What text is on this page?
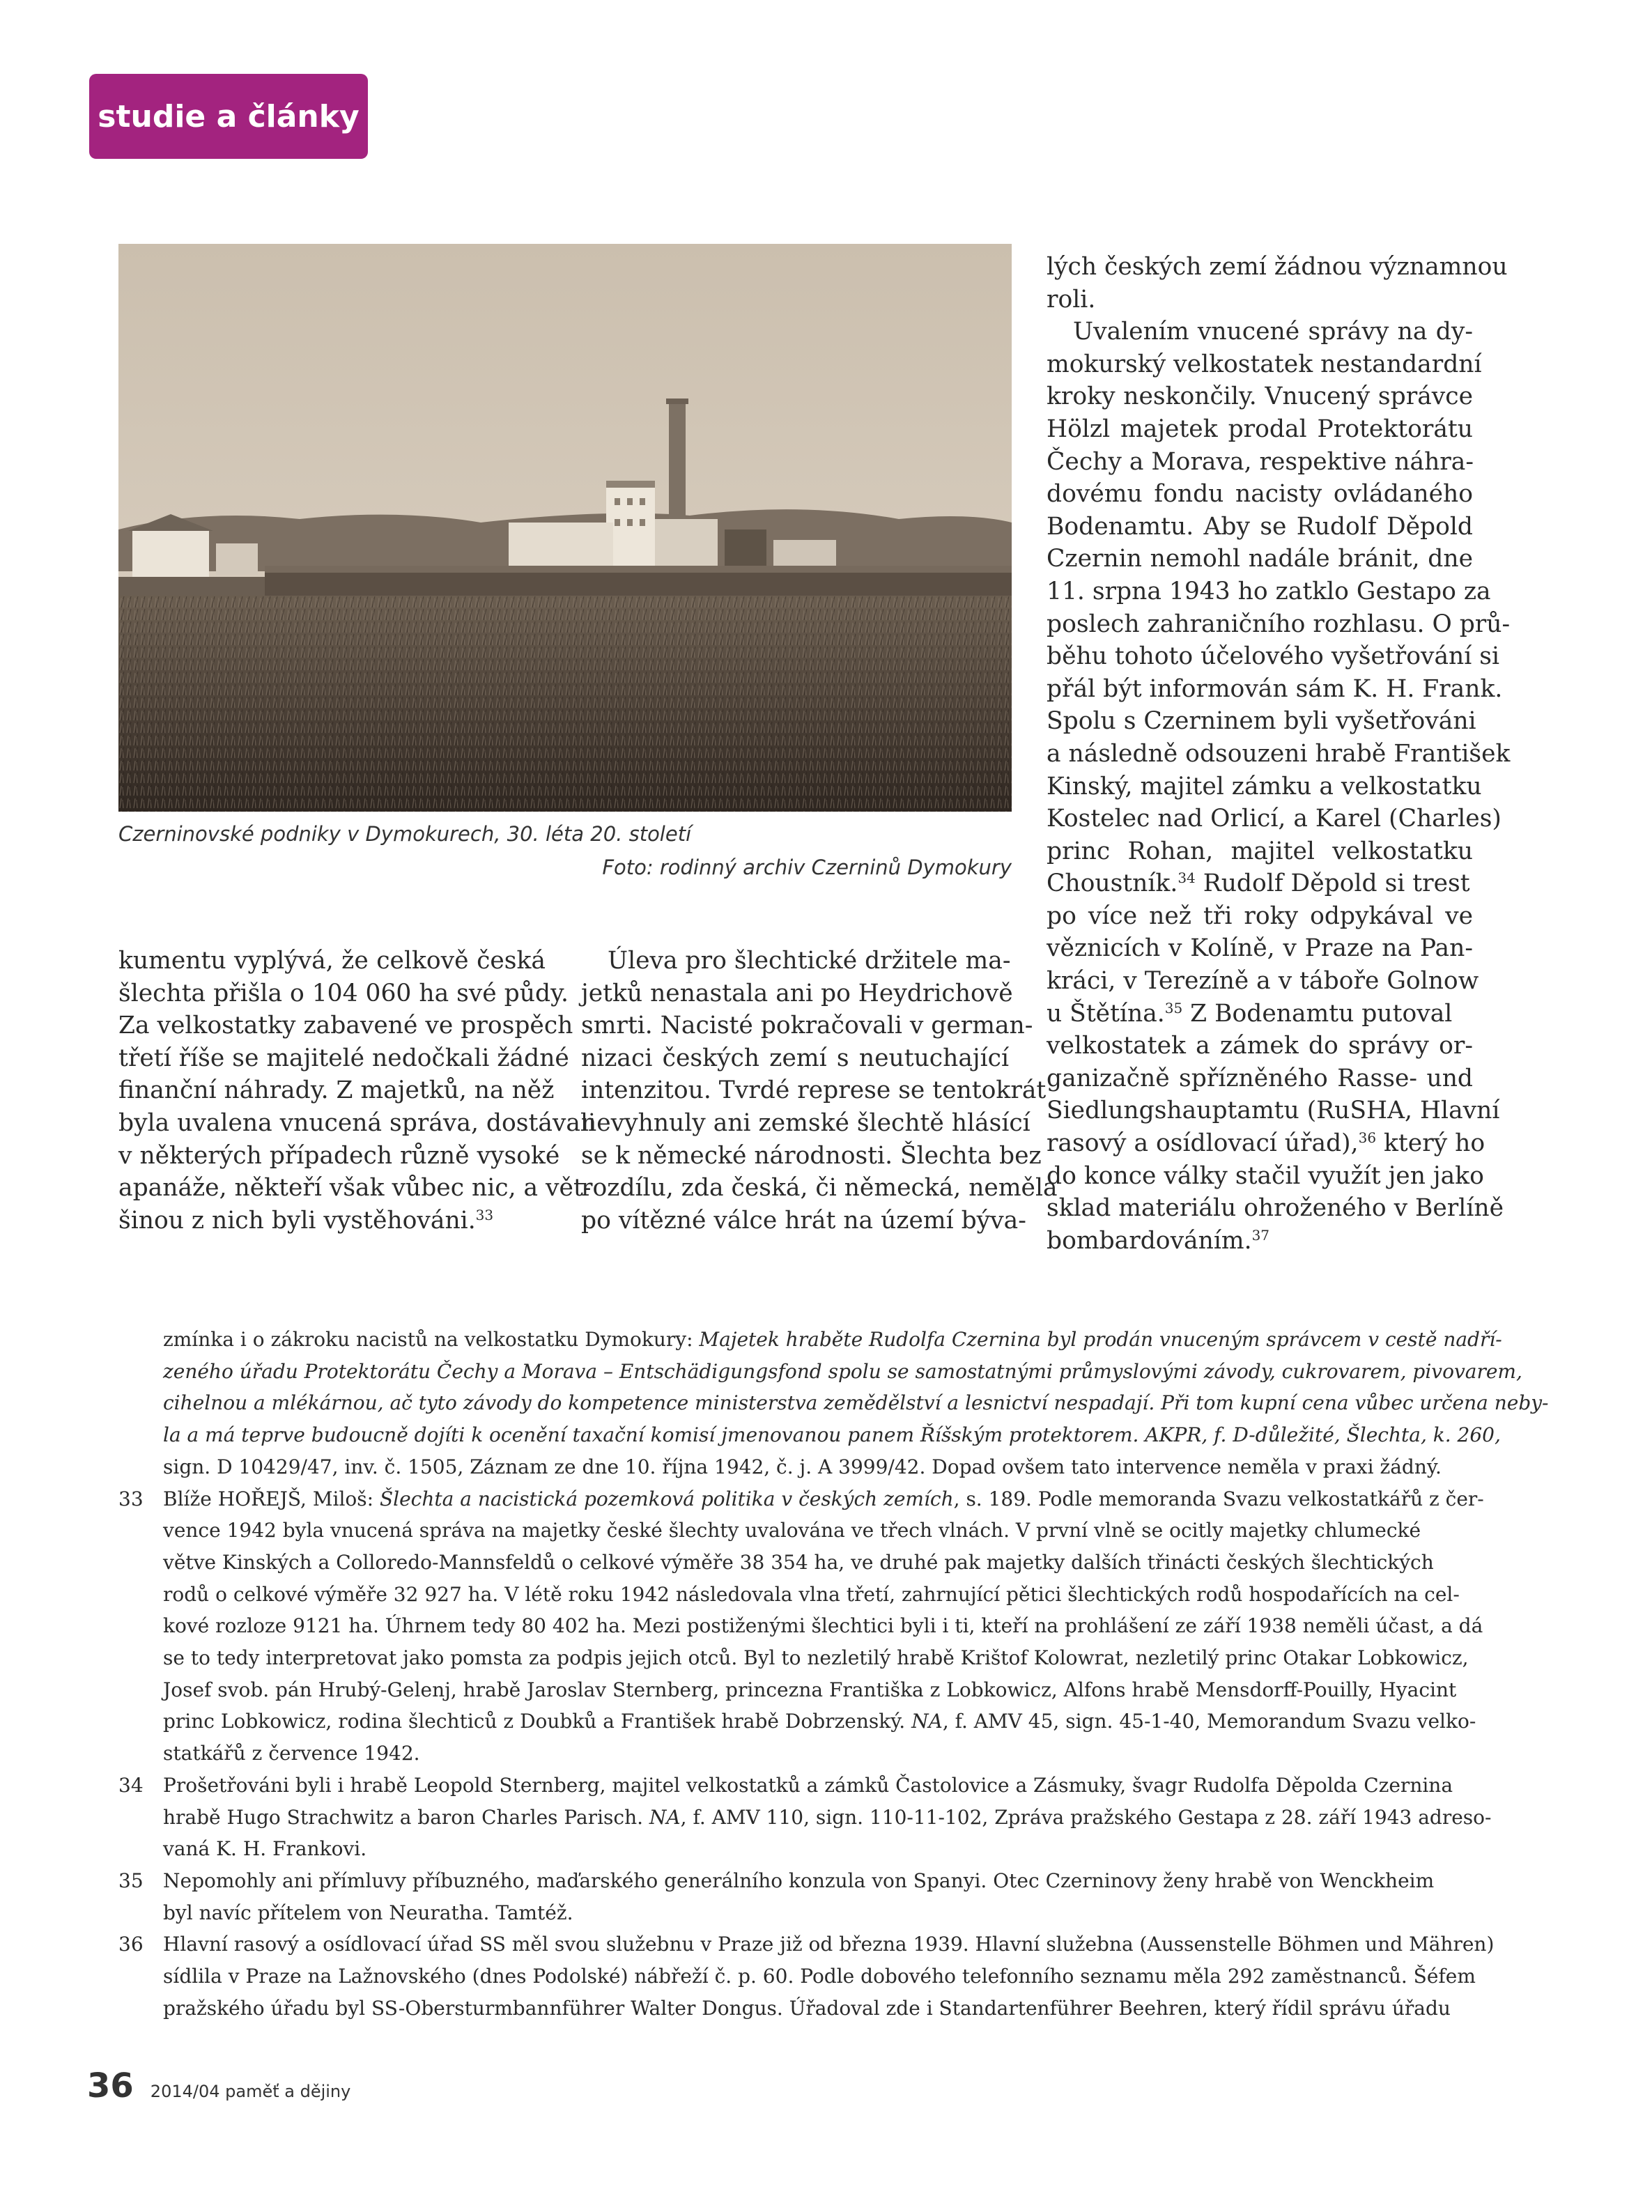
studie a články
Czerninovské podniky v Dymokurech, 30. léta 20. století
Foto: rodinný archiv Czerninů Dymokury
kumentu vyplývá, že celkově česká
šlechta přišla o 104 060 ha své půdy.
Za velkostatky zabavené ve prospěch
třetí říše se majitelé nedočkali žádné
finanční náhrady. Z majetků, na něž
byla uvalena vnucená správa, dostávali
v některých případech různě vysoké
apanáže, někteří však vůbec nic, a vět-
šinou z nich byli vystěhováni.$^{33}$
Úleva pro šlechtické držitele ma-
jetků nenastala ani po Heydrichově
smrti. Nacisté pokračovali v german-
nizaci českých zemí s neutuchající
intenzitou. Tvrdé represe se tentokrát
nevyhnuly ani zemské šlechtě hlásící
se k německé národnosti. Šlechta bez
rozdílu, zda česká, či německá, neměla
po vítězné válce hrát na území býva-
lých českých zemí žádnou významnou
roli.
Uvalením vnucené správy na dy-
mokurský velkostatek nestandardní
kroky neskončily. Vnucený správce
Hölzl majetek prodal Protektorátu
Čechy a Morava, respektive náhra-
dovému fondu nacisty ovládaného
Bodenamtu. Aby se Rudolf Děpold
Czernin nemohl nadále bránit, dne
11. srpna 1943 ho zatklo Gestapo za
poslech zahraničního rozhlasu. O prů-
běhu tohoto účelového vyšetřování si
přál být informován sám K. H. Frank.
Spolu s Czerninem byli vyšetřováni
a následně odsouzeni hrabě František
Kinský, majitel zámku a velkostatku
Kostelec nad Orlicí, a Karel (Charles)
princ Rohan, majitel velkostatku
Choustník.$^{34}$ Rudolf Děpold si trest
po více než tři roky odpykával ve
věznicích v Kolíně, v Praze na Pan-
kráci, v Terezíně a v táboře Golnow
u Štětína.$^{35}$ Z Bodenamtu putoval
velkostatek a zámek do správy or-
ganizačně spřízněného Rasse- und
Siedlungshauptamtu (RuSHA, Hlavní
rasový a osídlovací úřad),$^{36}$ který ho
do konce války stačil využít jen jako
sklad materiálu ohroženého v Berlíně
bombardováním.$^{37}$
zmínka i o zákroku nacistů na velkostatku Dymokury: Majetek hraběte Rudolfa Czernina byl prodán vnuceným správcem v cestě nadří-
zeného úřadu Protektorátu Čechy a Morava – Entschädigungsfond spolu se samostatnými průmyslovými závody, cukrovarem, pivovarem,
cihelnou a mlékárnou, ač tyto závody do kompetence ministerstva zemědělství a lesnictví nespadají. Při tom kupní cena vůbec určena neby-
la a má teprve budoucně dojíti k ocenění taxační komisí jmenovanou panem Říšským protektorem. AKPR, f. D-důležité, Šlechta, k. 260,
sign. D 10429/47, inv. č. 1505, Záznam ze dne 10. října 1942, č. j. A 3999/42. Dopad ovšem tato intervence neměla v praxi žádný.
33 Blíže HOŘEJŠ, Miloš: Šlechta a nacistická pozemková politika v českých zemích, s. 189. Podle memoranda Svazu velkostatkářů z čer-
vence 1942 byla vnucená správa na majetky české šlechty uvalována ve třech vlnách. V první vlně se ocitly majetky chlumecké
větve Kinských a Colloredo-Mannsfeldů o celkové výměře 38 354 ha, ve druhé pak majetky dalších třinácti českých šlechtických
rodů o celkové výměře 32 927 ha. V létě roku 1942 následovala vlna třetí, zahrnující pětici šlechtických rodů hospodařících na cel-
kové rozloze 9121 ha. Úhrnem tedy 80 402 ha. Mezi postiženými šlechtici byli i ti, kteří na prohlášení ze září 1938 neměli účast, a dá
se to tedy interpretovat jako pomsta za podpis jejich otců. Byl to nezletilý hrabě Krištof Kolowrat, nezletilý princ Otakar Lobkowicz,
Josef svob. pán Hrubý-Gelenj, hrabě Jaroslav Sternberg, princezna Františka z Lobkowicz, Alfons hrabě Mensdorff-Pouilly, Hyacint
princ Lobkowicz, rodina šlechticů z Doubků a František hrabě Dobrzenský. NA, f. AMV 45, sign. 45-1-40, Memorandum Svazu velko-
statkářů z července 1942.
34 Prošetřováni byli i hrabě Leopold Sternberg, majitel velkostatků a zámků Častolovice a Zásmuky, švagr Rudolfa Děpolda Czernina
hrabě Hugo Strachwitz a baron Charles Parisch. NA, f. AMV 110, sign. 110-11-102, Zpráva pražského Gestapa z 28. září 1943 adreso-
vaná K. H. Frankovi.
35 Nepomohly ani přímluvy příbuzného, maďarského generálního konzula von Spanyi. Otec Czerninovy ženy hrabě von Wenckheim
byl navíc přítelem von Neuratha. Tamtéž.
36 Hlavní rasový a osídlovací úřad SS měl svou služebnu v Praze již od března 1939. Hlavní služebna (Aussenstelle Böhmen und Mähren)
sídlila v Praze na Lažnovského (dnes Podolské) nábřeží č. p. 60. Podle dobového telefonního seznamu měla 292 zaměstnanců. Šéfem
pražského úřadu byl SS-Obersturmbannführer Walter Dongus. Úřadoval zde i Standartenführer Beehren, který řídil správu úřadu
36 2014/04 paměť a dějiny
